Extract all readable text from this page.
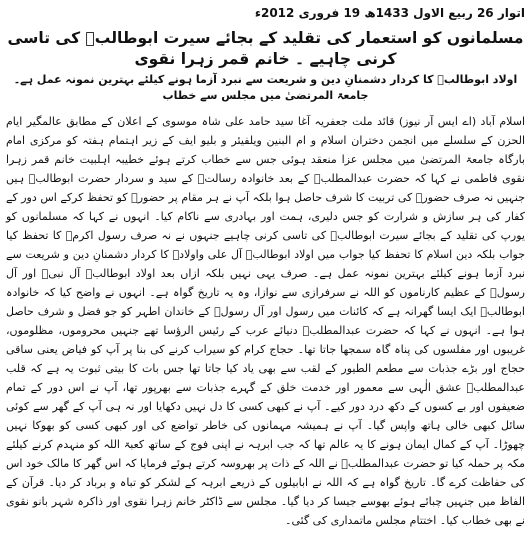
اتوار 26 ربیع الاول 1433ھ 19 فروری 2012ء
مسلمانوں کو استعمار کی تقلید کے بجائے سیرت ابوطالبؑ کی تاسی کرنی چاہیے ۔ خانم قمر زہرا نقوی
اولاد ابوطالبؑ کا کردار دشمنانِ دین و شریعت سے نبرد آزما ہونے کیلئے بہترین نمونہ عمل ہے۔ جامعۃ المرتضیٰ میں مجلس سے خطاب

اسلام آباد (اے ایس آر نیوز) قائد ملت جعفریہ آغا سید حامد علی شاہ موسوی کے اعلان کے مطابق عالمگیر ایام الحزن کے سلسلے میں انجمن دختران اسلام و ام البنین ویلفیئر و بلیو ایف کے زیر اہتمام ہفتہ کو مرکزی امام بارگاہ جامعۃ المرتضیٰ میں مجلس عزا منعقد ہوئی جس سے خطاب کرتے ہوئے خطیبہ اہلبیت خانم قمر زہرا نقوی فاطمی نے کہا کہ حضرت عبدالمطلبؑ کے بعد خانوادہ رسالتؐ کے سید و سردار حضرت ابوطالبؑ ہیں جنہیں نہ صرف حضورؐ کی تربیت کا شرف حاصل ہوا بلکہ آپ نے ہر مقام پر حضورؐ کو تحفظ کرکے اس دور کے کفار کی ہر سازش و شرارت کو جس دلیری، ہمت اور بہادری سے ناکام کیا۔ انہوں نے کہا کہ مسلمانوں کو یورپ کی تقلید کے بجائے سیرت ابوطالبؑ کی تاسی کرنی چاہیے جنہوں نے نہ صرف رسول اکرمؐ کا تحفظ کیا جواب بلکہ دین اسلام کا تحفظ کیا جواب میں اولاد ابوطالبؑ آل علی واولادؑ کا کردار دشمنانِ دین و شریعت سے نبرد آزما ہونے کیلئے بہترین نمونہ عمل ہے۔ صرف یہی نہیں بلکہ ازاں بعد اولاد ابوطالبؑ آل نبیؐ اور آل رسولؐ کے عظیم کارناموں کو اللہ نے سرفرازی سے نوازا، وہ یہ تاریخ گواہ ہے۔ انہوں نے واضح کیا کہ خانوادہ ابوطالبؑ ایک ایسا گھرانہ ہے کہ کائنات میں رسول اور آل رسولؐ کے خاندان اطہر کو جو فضل و شرف حاصل ہوا ہے۔ انہوں نے کہا کہ حضرت عبدالمطلبؑ دنیائے عرب کے رئیس الرؤسا تھے جنہیں محروموں، مظلوموں، غریبوں اور مفلسوں کی پناہ گاہ سمجھا جاتا تھا۔ حجاج کرام کو سیراب کرنے کی بنا پر آپ کو فیاض یعنی ساقی حجاج اور بڑے جذبات سے مطعم الطیور کے لقب سے بھی یاد کیا جاتا تھا جس بات کا بیتی ثبوت یہ ہے کہ قلب عبدالمطلبؑ عشق الٰہی سے معمور اور خدمت خلق کے گہرے جذبات سے بھرپور تھا، آپ نے اس دور کے تمام ضعیفوں اور بے کسوں کے دکھ درد دور کیے۔ آپ نے کبھی کسی کا دل نہیں دکھایا اور نہ ہی آپ کے گھر سے کوئی سائل کبھی خالی ہاتھ واپس گیا۔ آپ نے ہمیشہ مہمانوں کی خاطر تواضع کی اور کبھی کسی کو بھوکا نہیں چھوڑا۔ آپ کے کمال ایمان ہونے کا یہ عالم تھا کہ جب ابرہہ نے اپنی فوج کے ساتھ کعبۃ اللہ کو منہدم کرنے کیلئے مکہ پر حملہ کیا تو حضرت عبدالمطلبؑ نے اللہ کے ذات پر بھروسہ کرتے ہوئے فرمایا کہ اس گھر کا مالک خود اس کی حفاظت کرے گا۔ تاریخ گواہ ہے کہ اللہ نے ابابیلوں کے ذریعے ابرہہ کے لشکر کو تباہ و برباد کر دیا۔ قرآن کے الفاظ میں جنہیں چبائے ہوئے بھوسے جیسا کر دیا گیا۔ مجلس سے ڈاکٹر خانم زہرا نقوی اور ذاکرہ شہر بانو نقوی نے بھی خطاب کیا۔ اختتام مجلس ماتمداری کی گئی۔
